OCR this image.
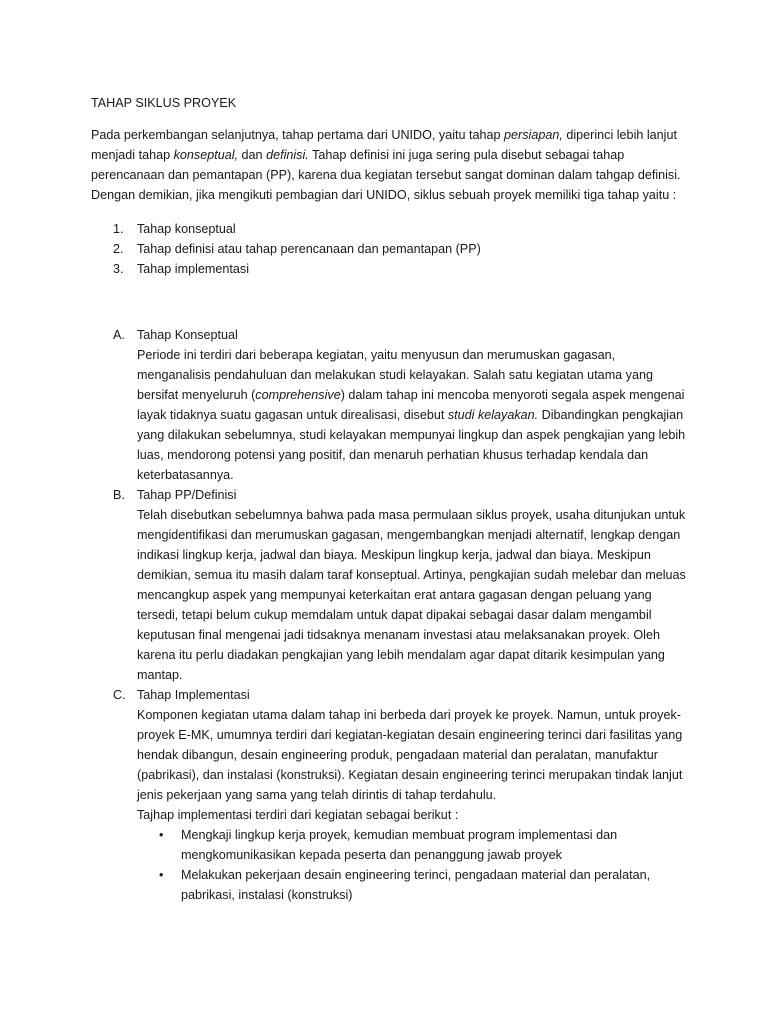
TAHAP SIKLUS PROYEK

Pada perkembangan selanjutnya, tahap pertama dari UNIDO, yaitu tahap persiapan, diperinci lebih lanjut menjadi tahap konseptual, dan definisi. Tahap definisi ini juga sering pula disebut sebagai tahap perencanaan dan pemantapan (PP), karena dua kegiatan tersebut sangat dominan dalam tahgap definisi. Dengan demikian, jika mengikuti pembagian dari UNIDO, siklus sebuah proyek memiliki tiga tahap yaitu :

1. Tahap konseptual
2. Tahap definisi atau tahap perencanaan dan pemantapan (PP)
3. Tahap implementasi
A. Tahap Konseptual

Periode ini terdiri dari beberapa kegiatan, yaitu menyusun dan merumuskan gagasan, menganalisis pendahuluan dan melakukan studi kelayakan. Salah satu kegiatan utama yang bersifat menyeluruh (comprehensive) dalam tahap ini mencoba menyoroti segala aspek mengenai layak tidaknya suatu gagasan untuk direalisasi, disebut studi kelayakan. Dibandingkan pengkajian yang dilakukan sebelumnya, studi kelayakan mempunyai lingkup dan aspek pengkajian yang lebih luas, mendorong potensi yang positif, dan menaruh perhatian khusus terhadap kendala dan keterbatasannya.

B. Tahap PP/Definisi

Telah disebutkan sebelumnya bahwa pada masa permulaan siklus proyek, usaha ditunjukan untuk mengidentifikasi dan merumuskan gagasan, mengembangkan menjadi alternatif, lengkap dengan indikasi lingkup kerja, jadwal dan biaya. Meskipun lingkup kerja, jadwal dan biaya. Meskipun demikian, semua itu masih dalam taraf konseptual. Artinya, pengkajian sudah melebar dan meluas mencangkup aspek yang mempunyai keterkaitan erat antara gagasan dengan peluang yang tersedi, tetapi belum cukup memdalam untuk dapat dipakai sebagai dasar dalam mengambil keputusan final mengenai jadi tidsaknya menanam investasi atau melaksanakan proyek. Oleh karena itu perlu diadakan pengkajian yang lebih mendalam agar dapat ditarik kesimpulan yang mantap.

C. Tahap Implementasi

Komponen kegiatan utama dalam tahap ini berbeda dari proyek ke proyek. Namun, untuk proyek-proyek E-MK, umumnya terdiri dari kegiatan-kegiatan desain engineering terinci dari fasilitas yang hendak dibangun, desain engineering produk, pengadaan material dan peralatan, manufaktur (pabrikasi), dan instalasi (konstruksi). Kegiatan desain engineering terinci merupakan tindak lanjut jenis pekerjaan yang sama yang telah dirintis di tahap terdahulu.

Tajhap implementasi terdiri dari kegiatan sebagai berikut :

• Mengkaji lingkup kerja proyek, kemudian membuat program implementasi dan mengkomunikasikan kepada peserta dan penanggung jawab proyek
• Melakukan pekerjaan desain engineering terinci, pengadaan material dan peralatan, pabrikasi, instalasi (konstruksi)
